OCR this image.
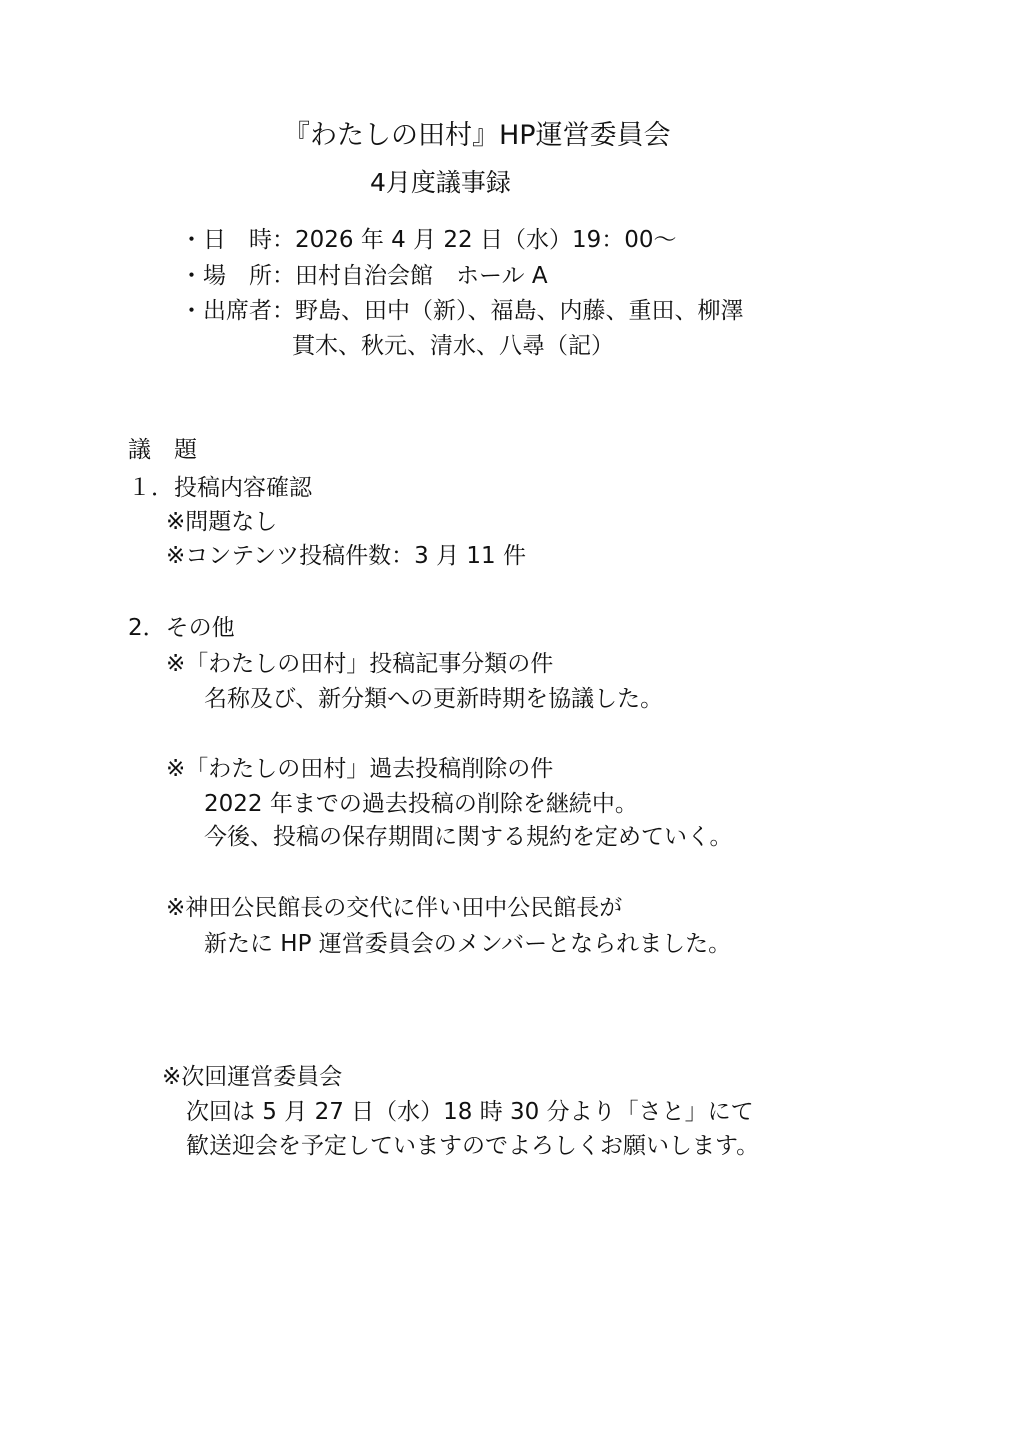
『わたしの田村』HP運営委員会
4月度議事録
・日　時：2026 年 4 月 22 日（水）19：00～
・場　所：田村自治会館　ホール A
・出席者：野島、田中（新）、福島、内藤、重田、柳澤
貫木、秋元、清水、八尋（記）
議　題
１．投稿内容確認
※問題なし
※コンテンツ投稿件数：3 月 11 件
2．その他
※「わたしの田村」投稿記事分類の件
名称及び、新分類への更新時期を協議した。
※「わたしの田村」過去投稿削除の件
2022 年までの過去投稿の削除を継続中。
今後、投稿の保存期間に関する規約を定めていく。
※神田公民館長の交代に伴い田中公民館長が
新たに HP 運営委員会のメンバーとなられました。
※次回運営委員会
次回は 5 月 27 日（水）18 時 30 分より「さと」にて
歓送迎会を予定していますのでよろしくお願いします。
